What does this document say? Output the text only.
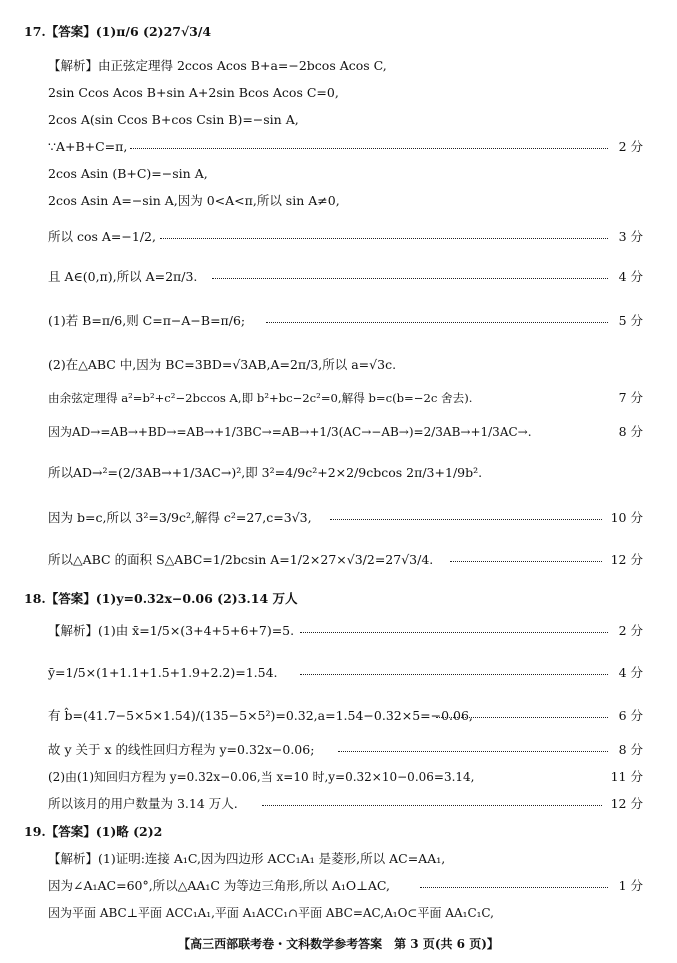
17.【答案】(1)π/6 (2)27√3/4
【解析】由正弦定理得 2ccos Acos B+a=−2bcos Acos C,
2sin Ccos Acos B+sin A+2sin Bcos Acos C=0,
2cos A(sin Ccos B+cos Csin B)=−sin A,
∵A+B+C=π,	2 分
2cos Asin (B+C)=−sin A,
2cos Asin A=−sin A,因为 0<A<π,所以 sin A≠0,
所以 cos A=−1/2,	3 分
且 A∈(0,π),所以 A=2π/3.	4 分
(1)若 B=π/6,则 C=π−A−B=π/6;	5 分
(2)在△ABC 中,因为 BC=3BD=√3AB,A=2π/3,所以 a=√3c.
由余弦定理得 a²=b²+c²−2bccos A,即 b²+bc−2c²=0,解得 b=c(b=−2c 舍去).	7 分
因为AD→=AB→+BD→=AB→+1/3BC→=AB→+1/3(AC→−AB→)=2/3AB→+1/3AC→.	8 分
所以AD→²=(2/3AB→+1/3AC→)²,即 3²=4/9c²+2×2/9cbcos 2π/3+1/9b².
因为 b=c,所以 3²=3/9c²,解得 c²=27,c=3√3,	10 分
所以△ABC 的面积 S△ABC=1/2bcsin A=1/2×27×√3/2=27√3/4.	12 分
18.【答案】(1)y=0.32x−0.06 (2)3.14 万人
【解析】(1)由 x̄=1/5×(3+4+5+6+7)=5.	2 分
ȳ=1/5×(1+1.1+1.5+1.9+2.2)=1.54.	4 分
有 b̂=(41.7−5×5×1.54)/(135−5×5²)=0.32,a=1.54−0.32×5=−0.06,	6 分
故 y 关于 x 的线性回归方程为 y=0.32x−0.06;	8 分
(2)由(1)知回归方程为 y=0.32x−0.06,当 x=10 时,y=0.32×10−0.06=3.14,	11 分
所以该月的用户数量为 3.14 万人.	12 分
19.【答案】(1)略 (2)2
【解析】(1)证明:连接 A₁C,因为四边形 ACC₁A₁ 是菱形,所以 AC=AA₁,
因为∠A₁AC=60°,所以△AA₁C 为等边三角形,所以 A₁O⊥AC,	1 分
因为平面 ABC⊥平面 ACC₁A₁,平面 A₁ACC₁∩平面 ABC=AC,A₁O⊂平面 AA₁C₁C,
【高三西部联考卷・文科数学参考答案　第 3 页(共 6 页)】
